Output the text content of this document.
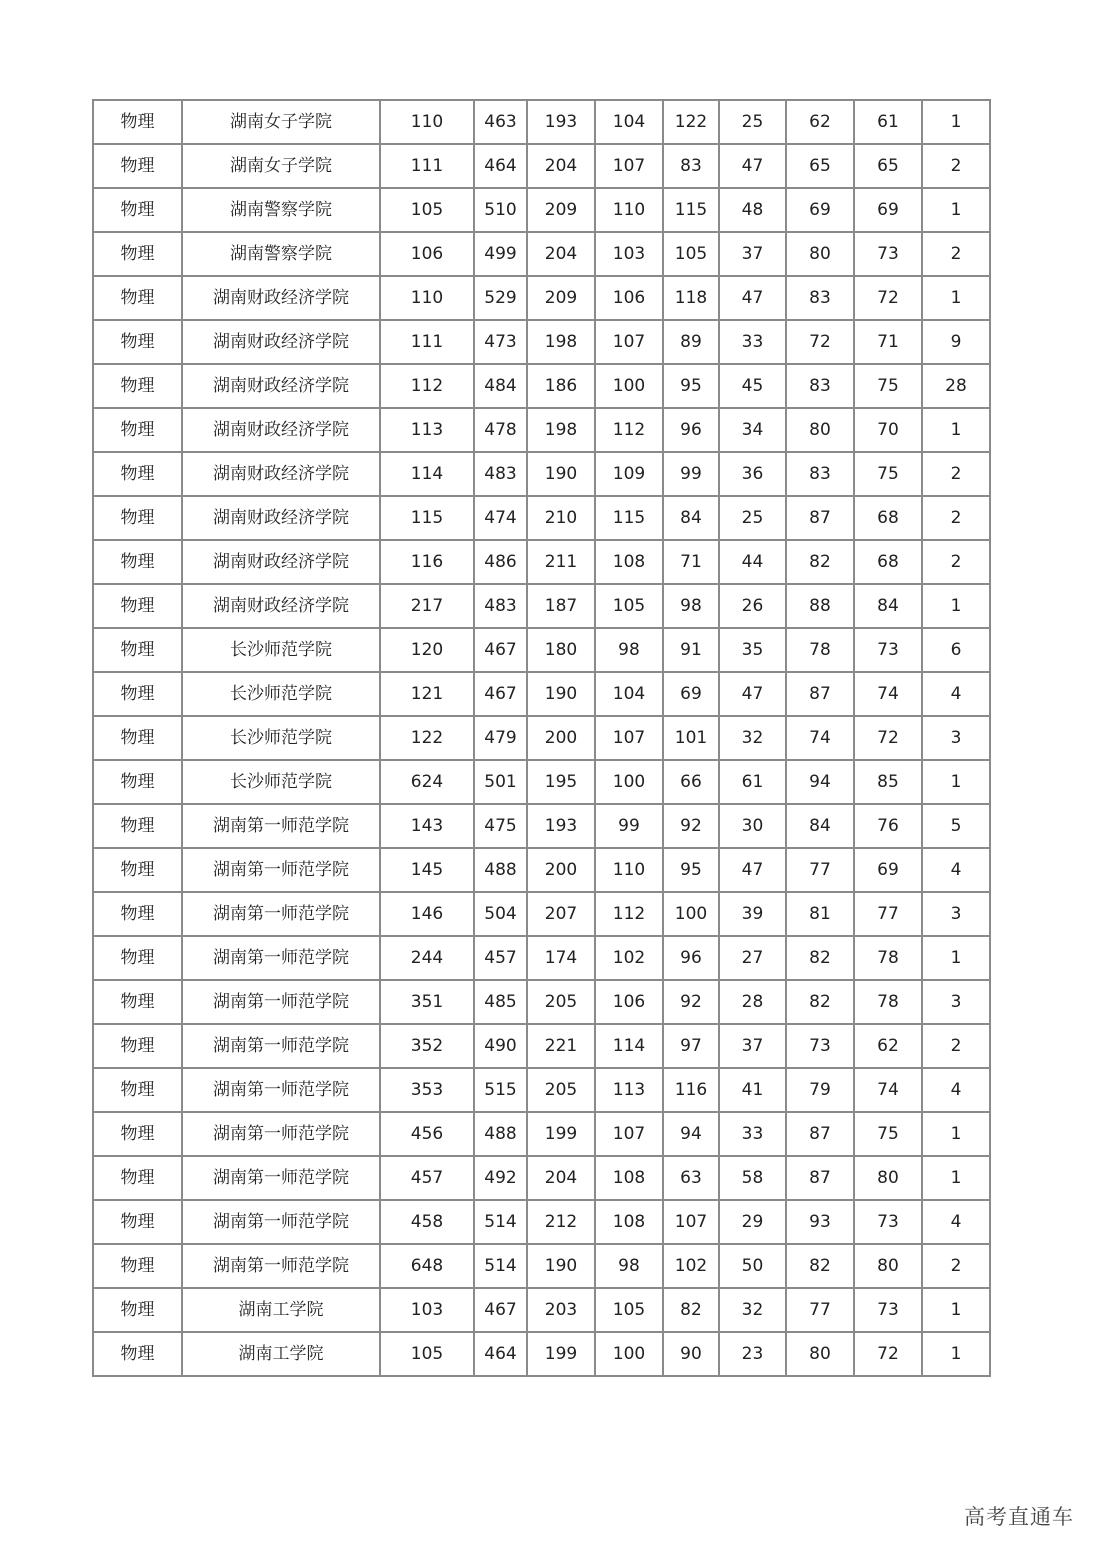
物理	湖南女子学院	110	463	193	104	122	25	62	61	1
物理	湖南女子学院	111	464	204	107	83	47	65	65	2
物理	湖南警察学院	105	510	209	110	115	48	69	69	1
物理	湖南警察学院	106	499	204	103	105	37	80	73	2
物理	湖南财政经济学院	110	529	209	106	118	47	83	72	1
物理	湖南财政经济学院	111	473	198	107	89	33	72	71	9
物理	湖南财政经济学院	112	484	186	100	95	45	83	75	28
物理	湖南财政经济学院	113	478	198	112	96	34	80	70	1
物理	湖南财政经济学院	114	483	190	109	99	36	83	75	2
物理	湖南财政经济学院	115	474	210	115	84	25	87	68	2
物理	湖南财政经济学院	116	486	211	108	71	44	82	68	2
物理	湖南财政经济学院	217	483	187	105	98	26	88	84	1
物理	长沙师范学院	120	467	180	98	91	35	78	73	6
物理	长沙师范学院	121	467	190	104	69	47	87	74	4
物理	长沙师范学院	122	479	200	107	101	32	74	72	3
物理	长沙师范学院	624	501	195	100	66	61	94	85	1
物理	湖南第一师范学院	143	475	193	99	92	30	84	76	5
物理	湖南第一师范学院	145	488	200	110	95	47	77	69	4
物理	湖南第一师范学院	146	504	207	112	100	39	81	77	3
物理	湖南第一师范学院	244	457	174	102	96	27	82	78	1
物理	湖南第一师范学院	351	485	205	106	92	28	82	78	3
物理	湖南第一师范学院	352	490	221	114	97	37	73	62	2
物理	湖南第一师范学院	353	515	205	113	116	41	79	74	4
物理	湖南第一师范学院	456	488	199	107	94	33	87	75	1
物理	湖南第一师范学院	457	492	204	108	63	58	87	80	1
物理	湖南第一师范学院	458	514	212	108	107	29	93	73	4
物理	湖南第一师范学院	648	514	190	98	102	50	82	80	2
物理	湖南工学院	103	467	203	105	82	32	77	73	1
物理	湖南工学院	105	464	199	100	90	23	80	72	1
高考直通车
